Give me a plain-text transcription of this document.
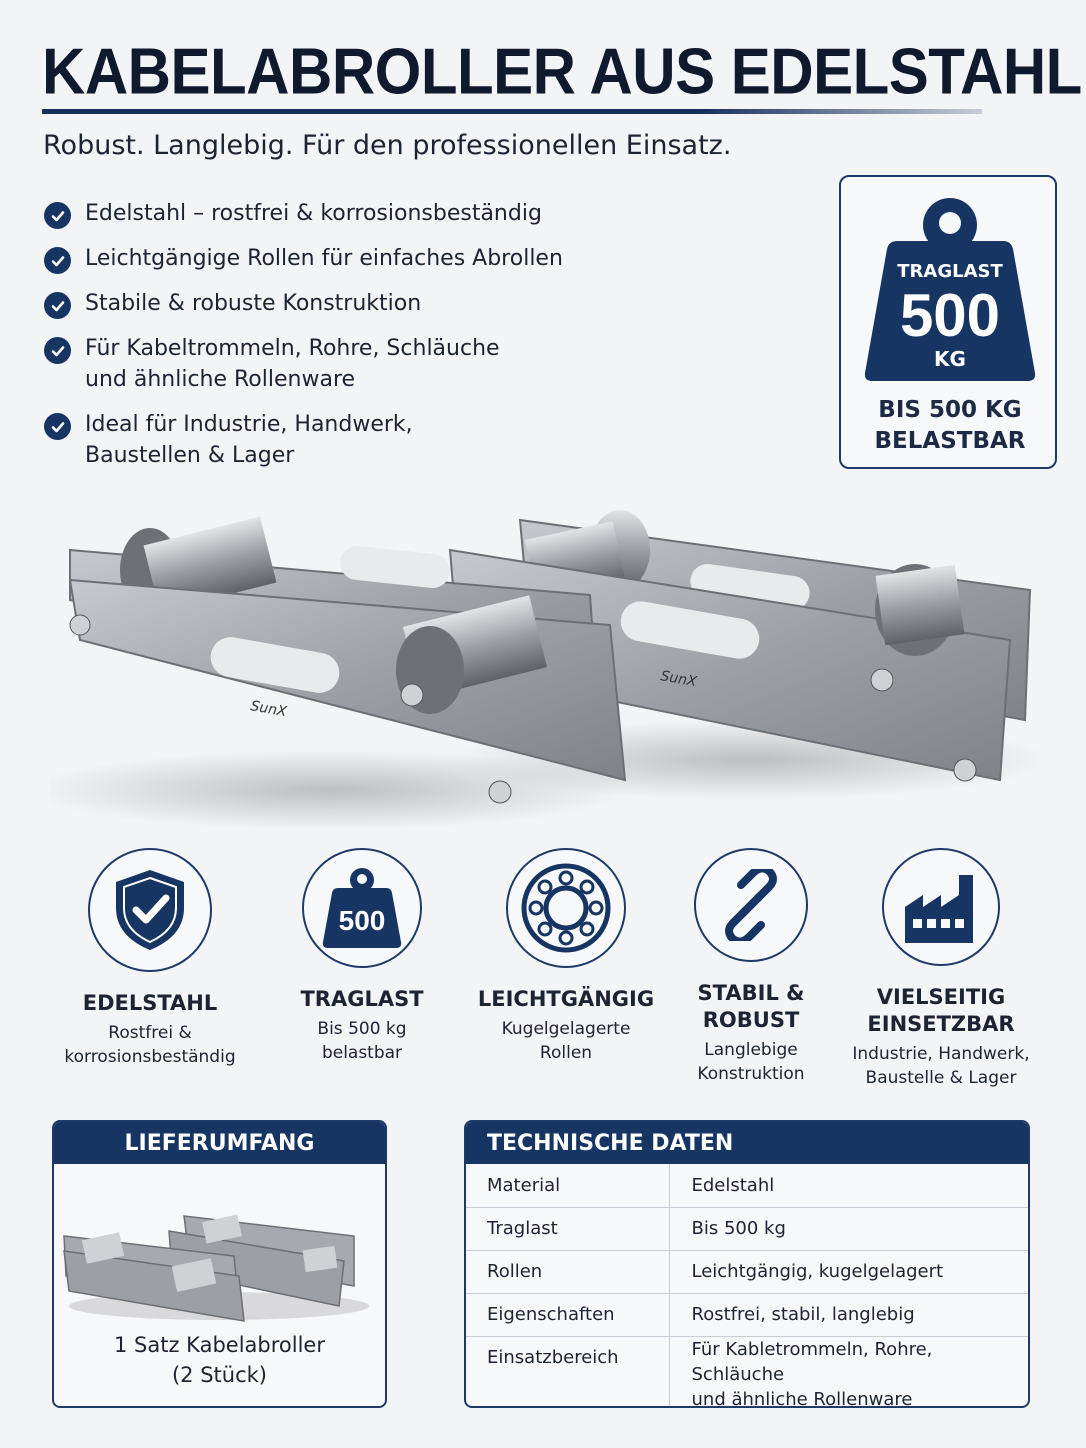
KABELABROLLER AUS EDELSTAHL
Robust. Langlebig. Für den professionellen Einsatz.
Edelstahl – rostfrei & korrosionsbeständig
Leichtgängige Rollen für einfaches Abrollen
Stabile & robuste Konstruktion
Für Kabeltrommeln, Rohre, Schläuche
und ähnliche Rollenware
Ideal für Industrie, Handwerk,
Baustellen & Lager
TRAGLAST
500
KG
BIS 500 KG
BELASTBAR
SunX
SunX
EDELSTAHL
Rostfrei &
korrosionsbeständig
500
TRAGLAST
Bis 500 kg
belastbar
LEICHTGÄNGIG
Kugelgelagerte
Rollen
STABIL &
ROBUST
Langlebige
Konstruktion
VIELSEITIG
EINSETZBAR
Industrie, Handwerk,
Baustelle & Lager
LIEFERUMFANG
1 Satz Kabelabroller
(2 Stück)
TECHNISCHE DATEN
Material	Edelstahl

Traglast	Bis 500 kg

Rollen	Leichtgängig, kugelgelagert

Eigenschaften	Rostfrei, stabil, langlebig

Einsatzbereich	Für Kabletrommeln, Rohre, Schläuche
und ähnliche Rollenware
